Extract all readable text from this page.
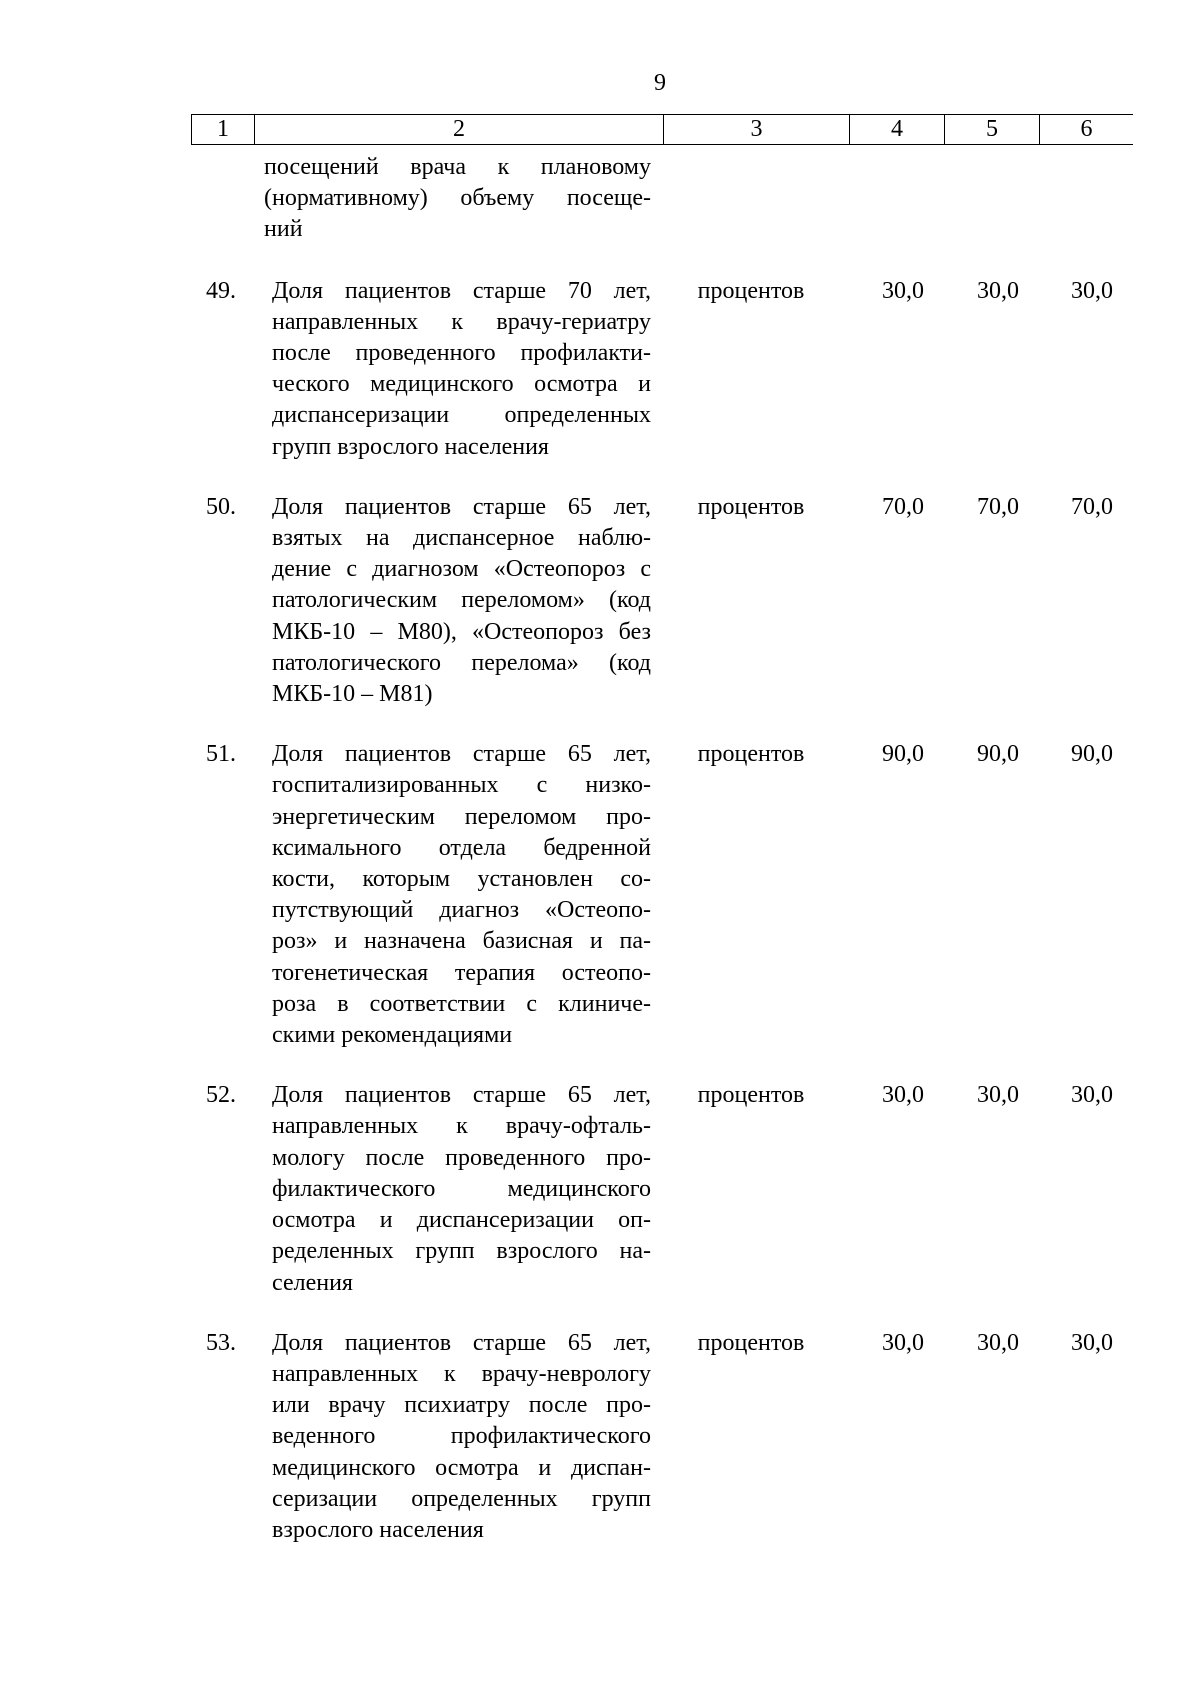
9
1	2	3	4	5	6
посещений врача к плановому
(нормативному) объему посеще-
ний
49.	Доля пациентов старше 70 лет,
направленных к врачу-гериатру
после проведенного профилакти-
ческого медицинского осмотра и
диспансеризации определенных
групп взрослого населения
процентов	30,0	30,0	30,0
50.	Доля пациентов старше 65 лет,
взятых на диспансерное наблю-
дение с диагнозом «Остеопороз с
патологическим переломом» (код
МКБ-10 – M80), «Остеопороз без
патологического перелома» (код
МКБ-10 – M81)
процентов	70,0	70,0	70,0
51.	Доля пациентов старше 65 лет,
госпитализированных с низко-
энергетическим переломом про-
ксимального отдела бедренной
кости, которым установлен со-
путствующий диагноз «Остеопо-
роз» и назначена базисная и па-
тогенетическая терапия остеопо-
роза в соответствии с клиниче-
скими рекомендациями
процентов	90,0	90,0	90,0
52.	Доля пациентов старше 65 лет,
направленных к врачу-офталь-
мологу после проведенного про-
филактического медицинского
осмотра и диспансеризации оп-
ределенных групп взрослого на-
селения
процентов	30,0	30,0	30,0
53.	Доля пациентов старше 65 лет,
направленных к врачу-неврологу
или врачу психиатру после про-
веденного профилактического
медицинского осмотра и диспан-
серизации определенных групп
взрослого населения
процентов	30,0	30,0	30,0
